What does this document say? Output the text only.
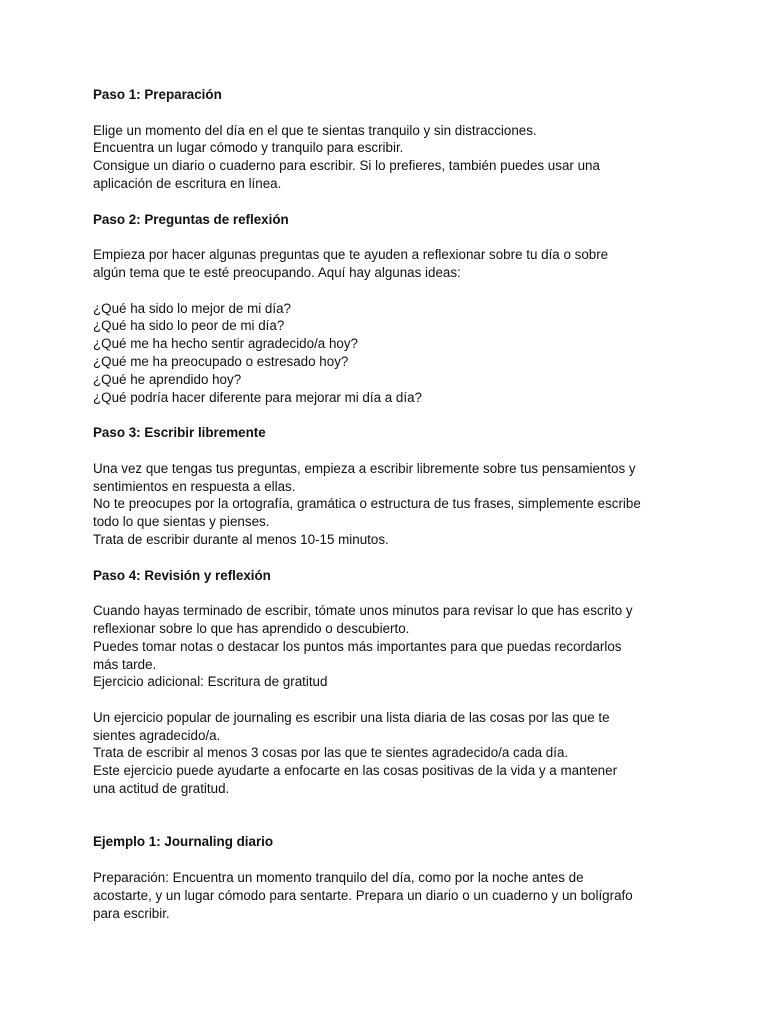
Paso 1: Preparación
Elige un momento del día en el que te sientas tranquilo y sin distracciones.
Encuentra un lugar cómodo y tranquilo para escribir.
Consigue un diario o cuaderno para escribir. Si lo prefieres, también puedes usar una
aplicación de escritura en línea.
Paso 2: Preguntas de reflexión
Empieza por hacer algunas preguntas que te ayuden a reflexionar sobre tu día o sobre
algún tema que te esté preocupando. Aquí hay algunas ideas:
¿Qué ha sido lo mejor de mi día?
¿Qué ha sido lo peor de mi día?
¿Qué me ha hecho sentir agradecido/a hoy?
¿Qué me ha preocupado o estresado hoy?
¿Qué he aprendido hoy?
¿Qué podría hacer diferente para mejorar mi día a día?
Paso 3: Escribir libremente
Una vez que tengas tus preguntas, empieza a escribir libremente sobre tus pensamientos y
sentimientos en respuesta a ellas.
No te preocupes por la ortografía, gramática o estructura de tus frases, simplemente escribe
todo lo que sientas y pienses.
Trata de escribir durante al menos 10-15 minutos.
Paso 4: Revisión y reflexión
Cuando hayas terminado de escribir, tómate unos minutos para revisar lo que has escrito y
reflexionar sobre lo que has aprendido o descubierto.
Puedes tomar notas o destacar los puntos más importantes para que puedas recordarlos
más tarde.
Ejercicio adicional: Escritura de gratitud
Un ejercicio popular de journaling es escribir una lista diaria de las cosas por las que te
sientes agradecido/a.
Trata de escribir al menos 3 cosas por las que te sientes agradecido/a cada día.
Este ejercicio puede ayudarte a enfocarte en las cosas positivas de la vida y a mantener
una actitud de gratitud.
Ejemplo 1: Journaling diario
Preparación: Encuentra un momento tranquilo del día, como por la noche antes de
acostarte, y un lugar cómodo para sentarte. Prepara un diario o un cuaderno y un bolígrafo
para escribir.
